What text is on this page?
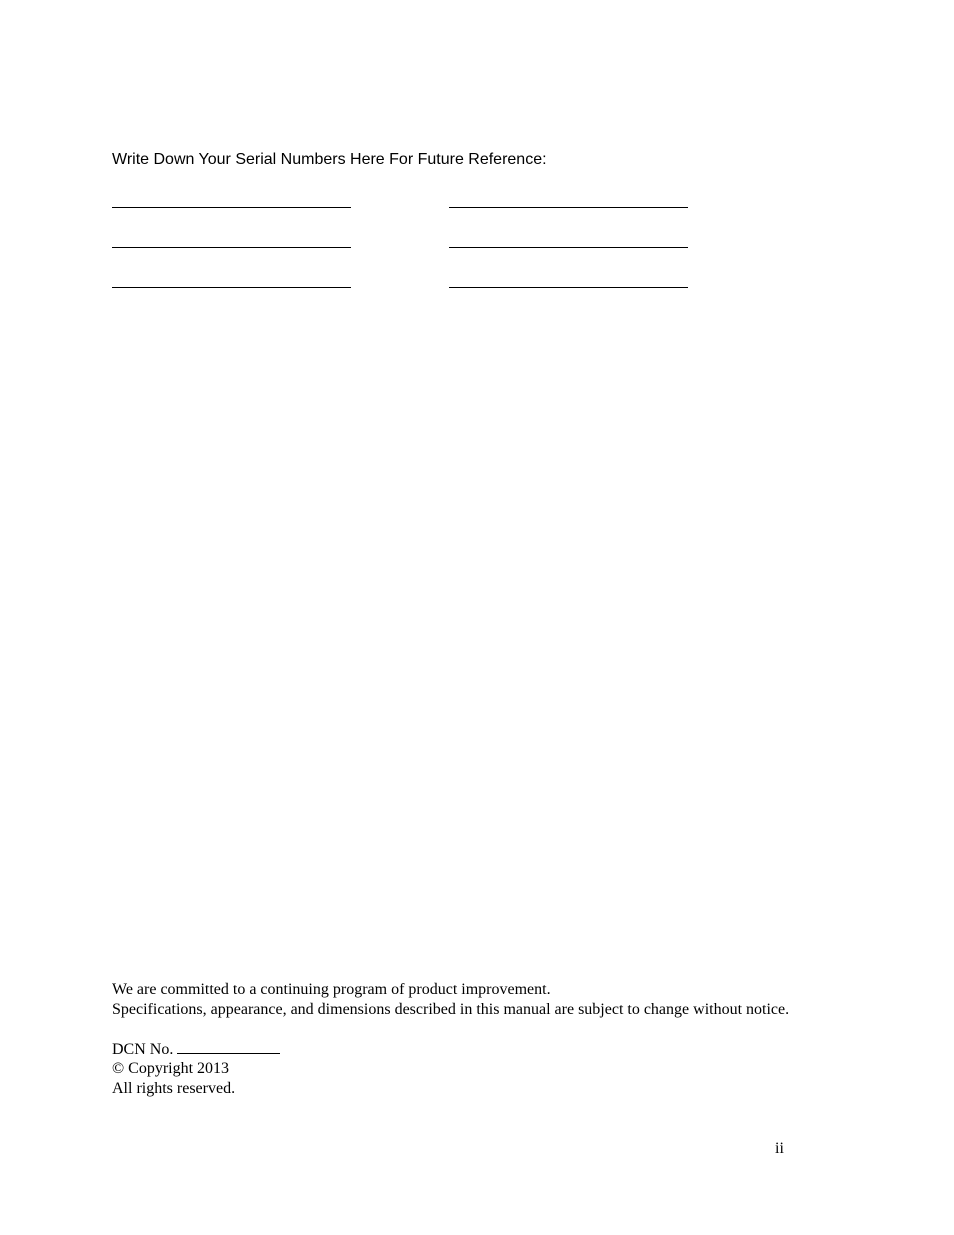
Write Down Your Serial Numbers Here For Future Reference:
We are committed to a continuing program of product improvement.
Specifications, appearance, and dimensions described in this manual are subject to change without notice.
DCN No.
© Copyright 2013
All rights reserved.
ii
